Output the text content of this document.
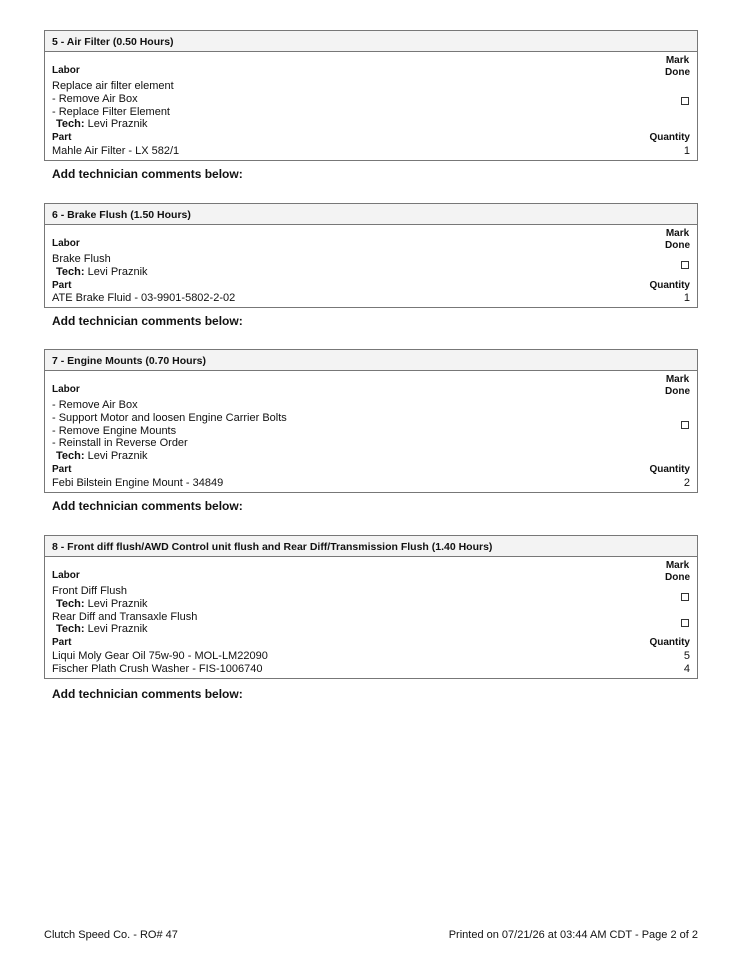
5 - Air Filter (0.50 Hours)
Labor
Mark
Done
Replace air filter element
- Remove Air Box
- Replace Filter Element
Tech: Levi Praznik
Part	Quantity
Mahle Air Filter - LX 582/1	1
Add technician comments below:
6 - Brake Flush (1.50 Hours)
Labor
Mark
Done
Brake Flush
Tech: Levi Praznik
Part	Quantity
ATE Brake Fluid - 03-9901-5802-2-02	1
Add technician comments below:
7 - Engine Mounts (0.70 Hours)
Labor
Mark
Done
- Remove Air Box
- Support Motor and loosen Engine Carrier Bolts
- Remove Engine Mounts
- Reinstall in Reverse Order
Tech: Levi Praznik
Part	Quantity
Febi Bilstein Engine Mount - 34849	2
Add technician comments below:
8 - Front diff flush/AWD Control unit flush and Rear Diff/Transmission Flush (1.40 Hours)
Labor
Mark
Done
Front Diff Flush
Tech: Levi Praznik
Rear Diff and Transaxle Flush
Tech: Levi Praznik
Part	Quantity
Liqui Moly Gear Oil 75w-90 - MOL-LM22090	5
Fischer Plath Crush Washer - FIS-1006740	4
Add technician comments below:
Clutch Speed Co. - RO# 47	Printed on 07/21/26 at 03:44 AM CDT - Page 2 of 2
